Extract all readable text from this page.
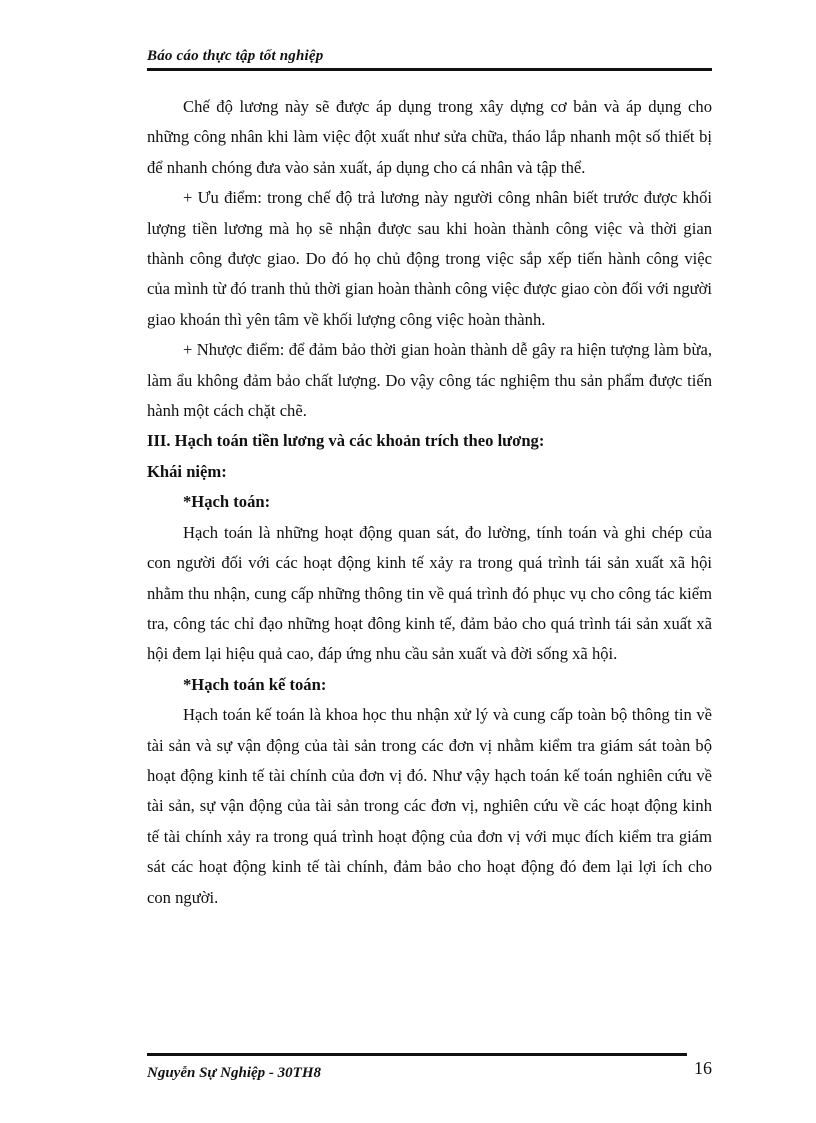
Báo cáo thực tập tốt nghiệp

Chế độ lương này sẽ được áp dụng trong xây dựng cơ bản và áp dụng cho những công nhân khi làm việc đột xuất như sửa chữa, tháo lắp nhanh một số thiết bị để nhanh chóng đưa vào sản xuất, áp dụng cho cá nhân và tập thể.

+ Ưu điểm: trong chế độ trả lương này người công nhân biết trước được khối lượng tiền lương mà họ sẽ nhận được sau khi hoàn thành công việc và thời gian thành công được giao. Do đó họ chủ động trong việc sắp xếp tiến hành công việc của mình từ đó tranh thủ thời gian hoàn thành công việc được giao còn đối với người giao khoán thì yên tâm về khối lượng công việc hoàn thành.

+ Nhược điểm: để đảm bảo thời gian hoàn thành dễ gây ra hiện tượng làm bừa, làm ẩu không đảm bảo chất lượng. Do vậy công tác nghiệm thu sản phẩm được tiến hành một cách chặt chẽ.

III. Hạch toán tiền lương và các khoản trích theo lương:

Khái niệm:

*Hạch toán:

Hạch toán là những hoạt động quan sát, đo lường, tính toán và ghi chép của con người đối với các hoạt động kinh tế xảy ra trong quá trình tái sản xuất xã hội nhằm thu nhận, cung cấp những thông tin về quá trình đó phục vụ cho công tác kiểm tra, công tác chỉ đạo những hoạt đông kinh tế, đảm bảo cho quá trình tái sản xuất xã hội đem lại hiệu quả cao, đáp ứng nhu cầu sản xuất và đời sống xã hội.

*Hạch toán kế toán:

Hạch toán kế toán là khoa học thu nhận xử lý và cung cấp toàn bộ thông tin về tài sản và sự vận động của tài sản trong các đơn vị nhằm kiểm tra giám sát toàn bộ hoạt động kinh tế tài chính của đơn vị đó. Như vậy hạch toán kế toán nghiên cứu về tài sản, sự vận động của tài sản trong các đơn vị, nghiên cứu về các hoạt động kinh tế tài chính xảy ra trong quá trình hoạt động của đơn vị với mục đích kiểm tra giám sát các hoạt động kinh tế tài chính, đảm bảo cho hoạt động đó đem lại lợi ích cho con người.

Nguyễn Sự Nghiệp - 30TH8	16
